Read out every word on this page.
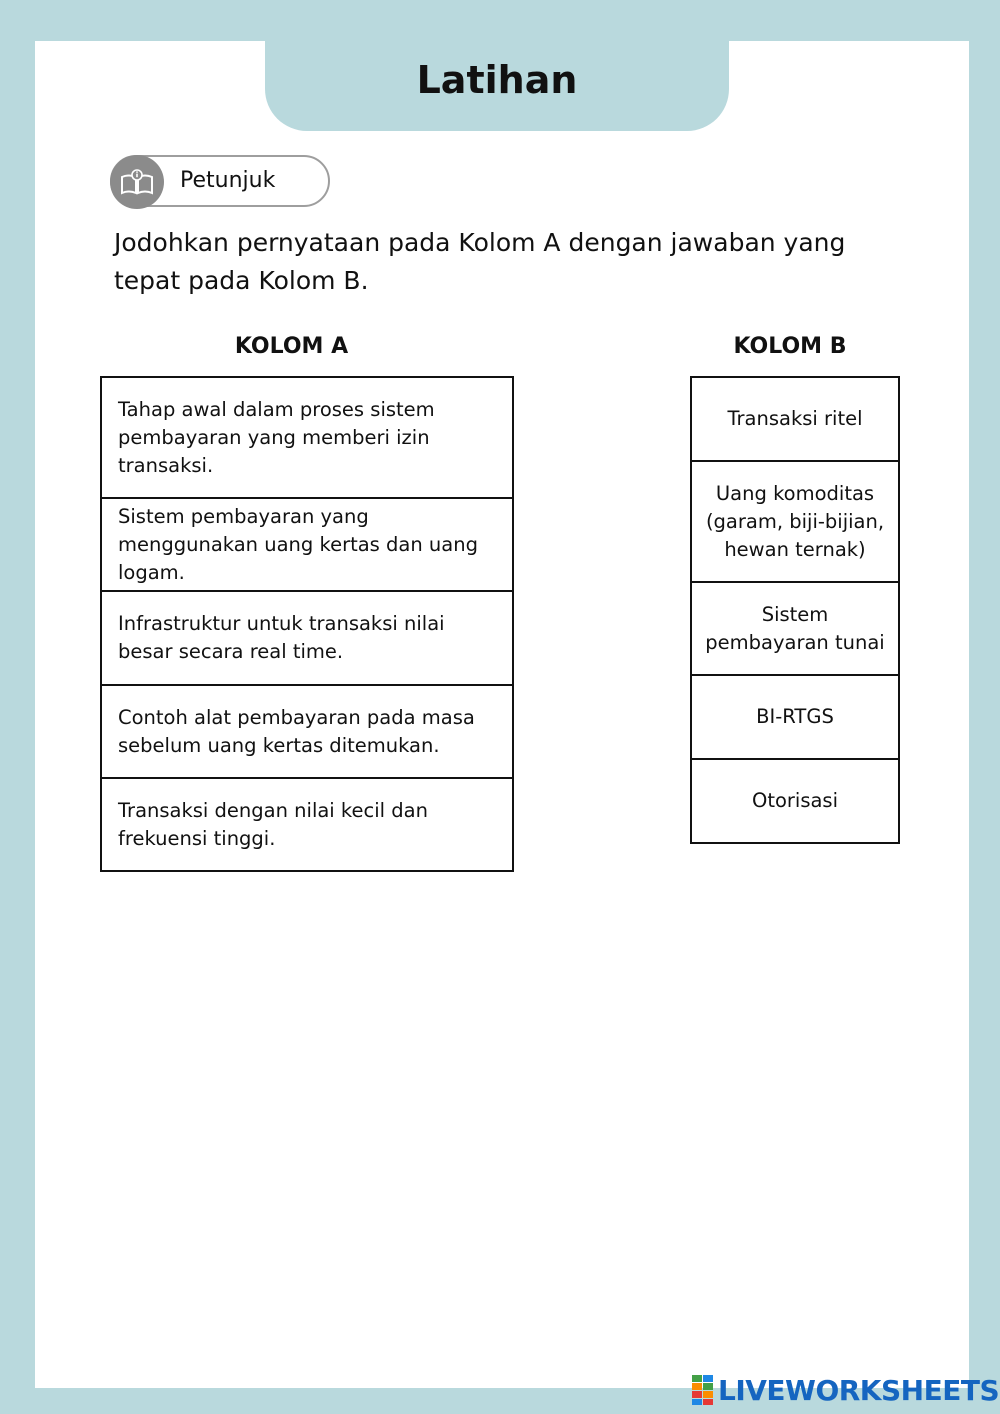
Latihan
Petunjuk
Jodohkan pernyataan pada Kolom A dengan jawaban yang tepat pada Kolom B.
KOLOM A	KOLOM B
Tahap awal dalam proses sistem pembayaran yang memberi izin transaksi.
Sistem pembayaran yang menggunakan uang kertas dan uang logam.
Infrastruktur untuk transaksi nilai besar secara real time.
Contoh alat pembayaran pada masa sebelum uang kertas ditemukan.
Transaksi dengan nilai kecil dan frekuensi tinggi.
Transaksi ritel
Uang komoditas (garam, biji-bijian, hewan ternak)
Sistem pembayaran tunai
BI-RTGS
Otorisasi
LIVEWORKSHEETS
